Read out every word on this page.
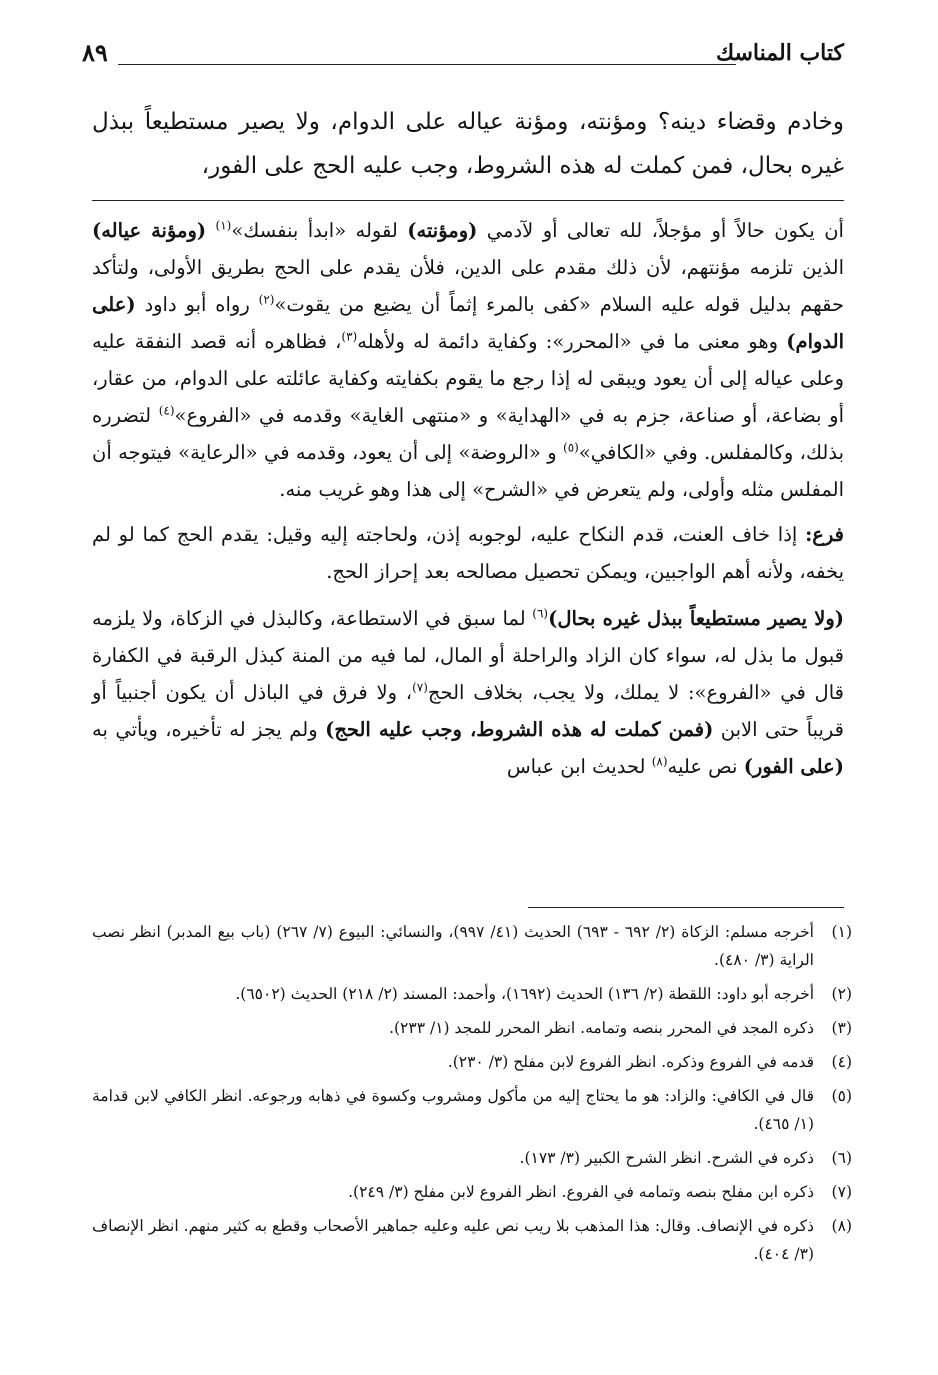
كتاب المناسك
٨٩
وخادم وقضاء دينه؟ ومؤنته، ومؤنة عياله على الدوام، ولا يصير مستطيعاً ببذل غيره بحال، فمن كملت له هذه الشروط، وجب عليه الحج على الفور،

أن يكون حالاً أو مؤجلاً، لله تعالى أو لآدمي (ومؤنته) لقوله «ابدأ بنفسك»$^{(١)}$ (ومؤنة عياله) الذين تلزمه مؤنتهم، لأن ذلك مقدم على الدين، فلأن يقدم على الحج بطريق الأولى، ولتأكد حقهم بدليل قوله عليه السلام «كفى بالمرء إثماً أن يضيع من يقوت»$^{(٢)}$ رواه أبو داود (على الدوام) وهو معنى ما في «المحرر»: وكفاية دائمة له ولأهله$^{(٣)}$، فظاهره أنه قصد النفقة عليه وعلى عياله إلى أن يعود ويبقى له إذا رجع ما يقوم بكفايته وكفاية عائلته على الدوام، من عقار، أو بضاعة، أو صناعة، جزم به في «الهداية» و «منتهى الغاية» وقدمه في «الفروع»$^{(٤)}$ لتضرره بذلك، وكالمفلس. وفي «الكافي»$^{(٥)}$ و «الروضة» إلى أن يعود، وقدمه في «الرعاية» فيتوجه أن المفلس مثله وأولى، ولم يتعرض في «الشرح» إلى هذا وهو غريب منه.

فرع: إذا خاف العنت، قدم النكاح عليه، لوجوبه إذن، ولحاجته إليه وقيل: يقدم الحج كما لو لم يخفه، ولأنه أهم الواجبين، ويمكن تحصيل مصالحه بعد إحراز الحج.

(ولا يصير مستطيعاً ببذل غيره بحال)$^{(٦)}$ لما سبق في الاستطاعة، وكالبذل في الزكاة، ولا يلزمه قبول ما بذل له، سواء كان الزاد والراحلة أو المال، لما فيه من المنة كبذل الرقبة في الكفارة قال في «الفروع»: لا يملك، ولا يجب، بخلاف الحج$^{(٧)}$، ولا فرق في الباذل أن يكون أجنبياً أو قريباً حتى الابن (فمن كملت له هذه الشروط، وجب عليه الحج) ولم يجز له تأخيره، ويأتي به (على الفور) نص عليه$^{(٨)}$ لحديث ابن عباس

(١)
أخرجه مسلم: الزكاة (٢/ ٦٩٢ - ٦٩٣) الحديث (٤١/ ٩٩٧)، والنسائي: البيوع (٧/ ٢٦٧) (باب بيع المدبر) انظر نصب الراية (٣/ ٤٨٠).
(٢)
أخرجه أبو داود: اللقطة (٢/ ١٣٦) الحديث (١٦٩٢)، وأحمد: المسند (٢/ ٢١٨) الحديث (٦٥٠٢).
(٣)
ذكره المجد في المحرر بنصه وتمامه. انظر المحرر للمجد (١/ ٢٣٣).
(٤)
قدمه في الفروع وذكره. انظر الفروع لابن مفلح (٣/ ٢٣٠).
(٥)
قال في الكافي: والزاد: هو ما يحتاج إليه من مأكول ومشروب وكسوة في ذهابه ورجوعه. انظر الكافي لابن قدامة (١/ ٤٦٥).
(٦)
ذكره في الشرح. انظر الشرح الكبير (٣/ ١٧٣).
(٧)
ذكره ابن مفلح بنصه وتمامه في الفروع. انظر الفروع لابن مفلح (٣/ ٢٤٩).
(٨)
ذكره في الإنصاف. وقال: هذا المذهب بلا ريب نص عليه وعليه جماهير الأصحاب وقطع به كثير منهم. انظر الإنصاف (٣/ ٤٠٤).
